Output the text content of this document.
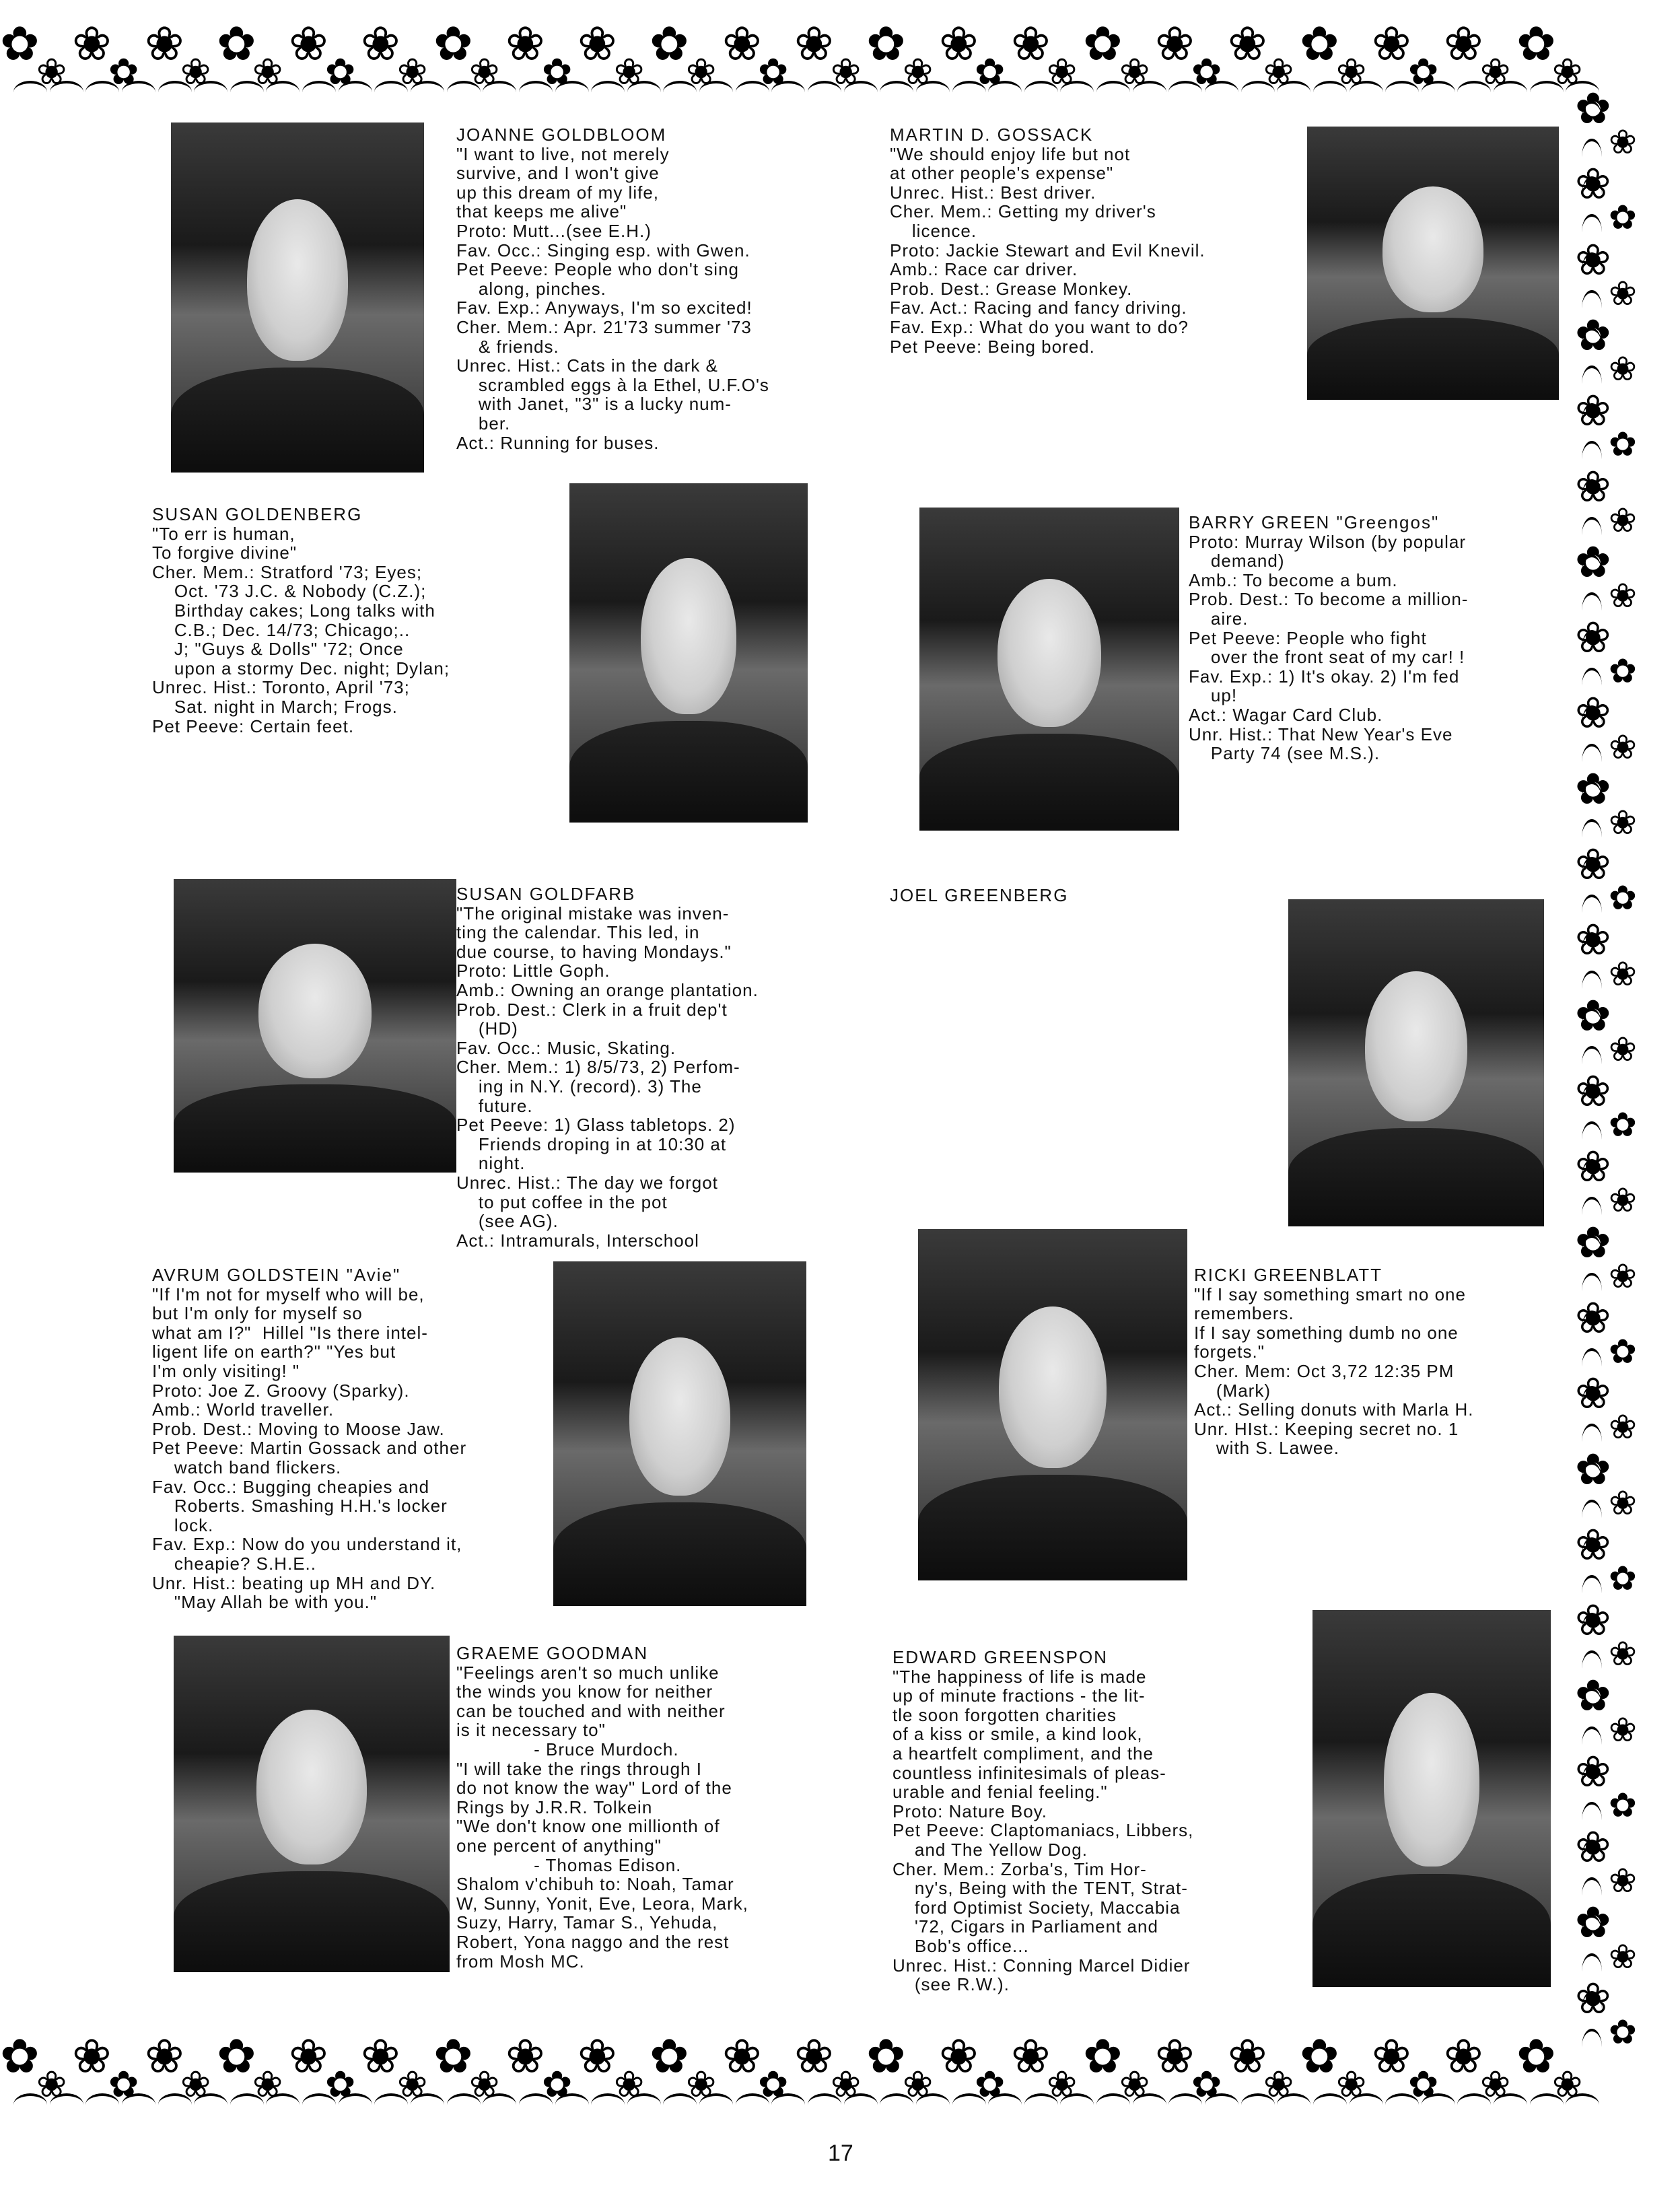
✿
❀
❀
✿
❀
❀
✿
❀
❀
✿
❀
❀
✿
❀
❀
✿
❀
❀
✿
❀
❀
✿
❀
❀
✿
❀
❀
✿
❀
❀
✿
❀
❀
✿
❀
❀
✿
❀
❀
✿
❀
❀
✿
❀
✿
❀
❀
✿
❀
❀
✿
❀
❀
✿
❀
❀
✿
❀
❀
✿
❀
❀
✿
❀
❀
✿
❀
❀
✿
❀
❀
✿
❀
❀
✿
❀
❀
✿
❀
❀
✿
❀
❀
✿
❀
❀
✿
❀
❀
✿
❀
❀
✿
❀
❀
✿
✿
❀
❀
✿
❀
❀
✿
❀
❀
✿
❀
❀
✿
❀
❀
✿
❀
❀
✿
❀
❀
✿
❀
❀
✿
❀
❀
✿
❀
❀
✿
❀
❀
✿
❀
❀
✿
❀
❀
✿
❀
❀
✿
❀
JOANNE GOLDBLOOM
"I want to live, not merely
survive, and I won't give
up this dream of my life,
that keeps me alive"
Proto: Mutt...(see E.H.)
Fav. Occ.: Singing esp. with Gwen.
Pet Peeve: People who don't sing
along, pinches.
Fav. Exp.: Anyways, I'm so excited!
Cher. Mem.: Apr. 21'73 summer '73
& friends.
Unrec. Hist.: Cats in the dark &
scrambled eggs à la Ethel, U.F.O's
with Janet, "3" is a lucky num-
ber.
Act.: Running for buses.
MARTIN D. GOSSACK
"We should enjoy life but not
at other people's expense"
Unrec. Hist.: Best driver.
Cher. Mem.: Getting my driver's
licence.
Proto: Jackie Stewart and Evil Knevil.
Amb.: Race car driver.
Prob. Dest.: Grease Monkey.
Fav. Act.: Racing and fancy driving.
Fav. Exp.: What do you want to do?
Pet Peeve: Being bored.
SUSAN GOLDENBERG
"To err is human,
To forgive divine"
Cher. Mem.: Stratford '73; Eyes;
Oct. '73 J.C. & Nobody (C.Z.);
Birthday cakes; Long talks with
C.B.; Dec. 14/73; Chicago;..
J; "Guys & Dolls" '72; Once
upon a stormy Dec. night; Dylan;
Unrec. Hist.: Toronto, April '73;
Sat. night in March; Frogs.
Pet Peeve: Certain feet.
BARRY GREEN "Greengos"
Proto: Murray Wilson (by popular
demand)
Amb.: To become a bum.
Prob. Dest.: To become a million-
aire.
Pet Peeve: People who fight
over the front seat of my car! !
Fav. Exp.: 1) It's okay. 2) I'm fed
up!
Act.: Wagar Card Club.
Unr. Hist.: That New Year's Eve
Party 74 (see M.S.).
SUSAN GOLDFARB
"The original mistake was inven-
ting the calendar. This led, in
due course, to having Mondays."
Proto: Little Goph.
Amb.: Owning an orange plantation.
Prob. Dest.: Clerk in a fruit dep't
(HD)
Fav. Occ.: Music, Skating.
Cher. Mem.: 1) 8/5/73, 2) Perfom-
ing in N.Y. (record). 3) The
future.
Pet Peeve: 1) Glass tabletops. 2)
Friends droping in at 10:30 at
night.
Unrec. Hist.: The day we forgot
to put coffee in the pot
(see AG).
Act.: Intramurals, Interschool
JOEL GREENBERG
AVRUM GOLDSTEIN "Avie"
"If I'm not for myself who will be,
but I'm only for myself so
what am I?"  Hillel "Is there intel-
ligent life on earth?" "Yes but
I'm only visiting! "
Proto: Joe Z. Groovy (Sparky).
Amb.: World traveller.
Prob. Dest.: Moving to Moose Jaw.
Pet Peeve: Martin Gossack and other
watch band flickers.
Fav. Occ.: Bugging cheapies and
Roberts. Smashing H.H.'s locker
lock.
Fav. Exp.: Now do you understand it,
cheapie? S.H.E..
Unr. Hist.: beating up MH and DY.
"May Allah be with you."
RICKI GREENBLATT
"If I say something smart no one
remembers.
If I say something dumb no one
forgets."
Cher. Mem: Oct 3,72 12:35 PM
(Mark)
Act.: Selling donuts with Marla H.
Unr. HIst.: Keeping secret no. 1
with S. Lawee.
GRAEME GOODMAN
"Feelings aren't so much unlike
the winds you know for neither
can be touched and with neither
is it necessary to"
- Bruce Murdoch.
"I will take the rings through I
do not know the way" Lord of the
Rings by J.R.R. Tolkein
"We don't know one millionth of
one percent of anything"
- Thomas Edison.
Shalom v'chibuh to: Noah, Tamar
W, Sunny, Yonit, Eve, Leora, Mark,
Suzy, Harry, Tamar S., Yehuda,
Robert, Yona naggo and the rest
from Mosh MC.
EDWARD GREENSPON
"The happiness of life is made
up of minute fractions - the lit-
tle soon forgotten charities
of a kiss or smile, a kind look,
a heartfelt compliment, and the
countless infinitesimals of pleas-
urable and fenial feeling."
Proto: Nature Boy.
Pet Peeve: Claptomaniacs, Libbers,
and The Yellow Dog.
Cher. Mem.: Zorba's, Tim Hor-
ny's, Being with the TENT, Strat-
ford Optimist Society, Maccabia
'72, Cigars in Parliament and
Bob's office...
Unrec. Hist.: Conning Marcel Didier
(see R.W.).
17
